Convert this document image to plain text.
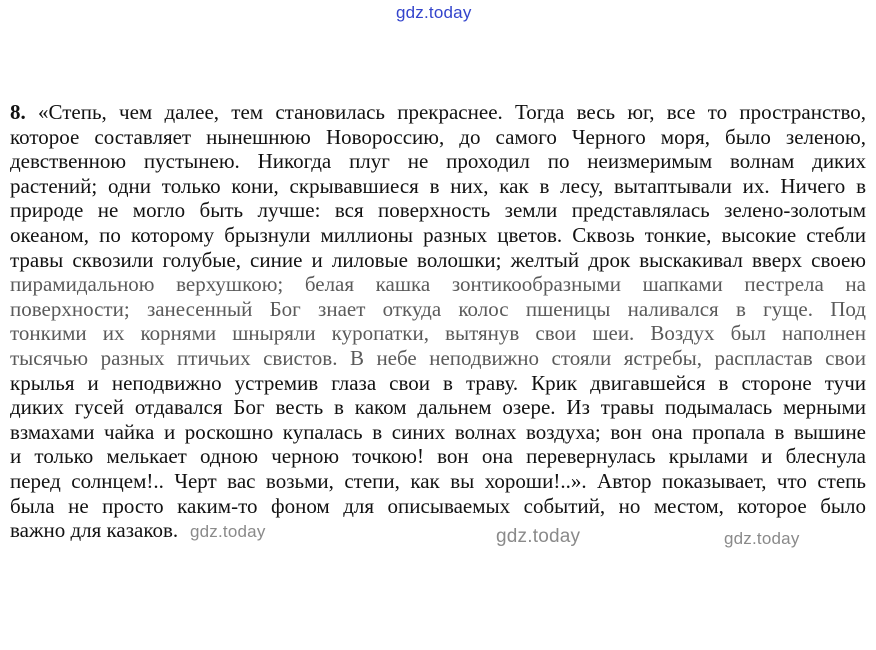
gdz.today
8. «Степь, чем далее, тем становилась прекраснее. Тогда весь юг, все то пространство,
которое составляет нынешнюю Новороссию, до самого Черного моря, было зеленою,
девственною пустынею. Никогда плуг не проходил по неизмеримым волнам диких
растений; одни только кони, скрывавшиеся в них, как в лесу, вытаптывали их. Ничего в
природе не могло быть лучше: вся поверхность земли представлялась зелено-золотым
океаном, по которому брызнули миллионы разных цветов. Сквозь тонкие, высокие стебли
травы сквозили голубые, синие и лиловые волошки; желтый дрок выскакивал вверх своею
пирамидальною верхушкою; белая кашка зонтикообразными шапками пестрела на
поверхности; занесенный Бог знает откуда колос пшеницы наливался в гуще. Под
тонкими их корнями шныряли куропатки, вытянув свои шеи. Воздух был наполнен
тысячью разных птичьих свистов. В небе неподвижно стояли ястребы, распластав свои
крылья и неподвижно устремив глаза свои в траву. Крик двигавшейся в стороне тучи
диких гусей отдавался Бог весть в каком дальнем озере. Из травы подымалась мерными
взмахами чайка и роскошно купалась в синих волнах воздуха; вон она пропала в вышине
и только мелькает одною черною точкою! вон она перевернулась крылами и блеснула
перед солнцем!.. Черт вас возьми, степи, как вы хороши!..». Автор показывает, что степь
была не просто каким-то фоном для описываемых событий, но местом, которое было
важно для казаков. gdz.today	gdz.today	gdz.today
